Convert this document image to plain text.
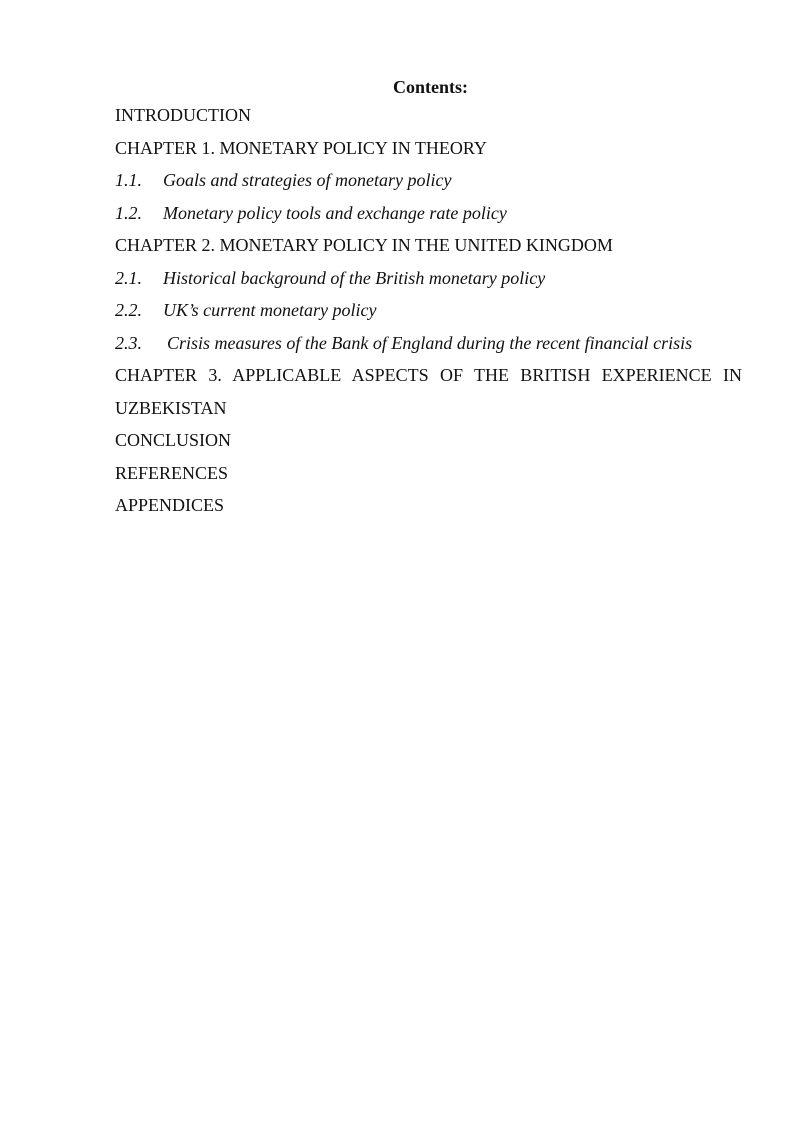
Contents:
INTRODUCTION
CHAPTER 1. MONETARY POLICY IN THEORY
1.1. Goals and strategies of monetary policy
1.2. Monetary policy tools and exchange rate policy
CHAPTER 2. MONETARY POLICY IN THE UNITED KINGDOM
2.1. Historical background of the British monetary policy
2.2. UK’s current monetary policy
2.3. Crisis measures of the Bank of England during the recent financial crisis
CHAPTER 3. APPLICABLE ASPECTS OF THE BRITISH EXPERIENCE IN
UZBEKISTAN
CONCLUSION
REFERENCES
APPENDICES
